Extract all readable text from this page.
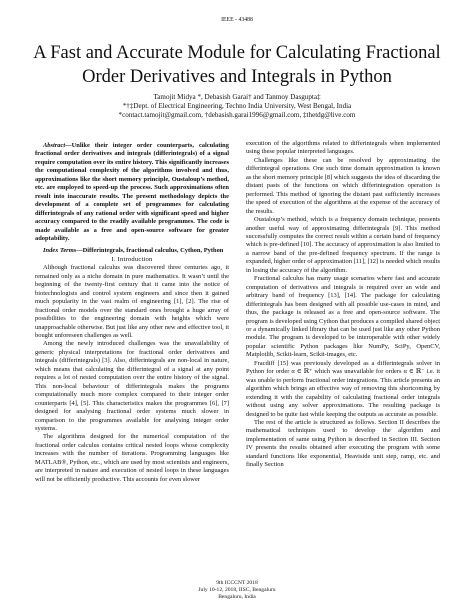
IEEE - 43488
A Fast and Accurate Module for Calculating Fractional Order Derivatives and Integrals in Python
Tamojit Midya *, Debasish Garai† and Tanmoy Dasgupta‡
*†‡Dept. of Electrical Engineering, Techno India University, West Bengal, India
*contact.tamojit@gmail.com, †debasish.garai1996@gmail.com, ‡thetdg@live.com

Abstract—Unlike their integer order counterparts, calculating fractional order derivatives and integrals (differintegrals) of a signal require computation over its entire history. This significantly increases the computational complexity of the algorithms involved and thus, approximations like the short memory principle, Oustaloup’s method, etc. are employed to speed-up the process. Such approximations often result into inaccurate results. The present methodology depicts the development of a complete set of programmes for calculating differintegrals of any rational order with significant speed and higher accuracy compared to the readily available programmes. The code is made available as a free and open-source software for greater adoptability.

Index Terms—Differintegrals, fractional calculus, Cython, Python

I. Introduction

Although fractional calculus was discovered three centuries ago, it remained only as a niche domain in pure mathematics. It wasn’t until the beginning of the twenty-first century that it came into the notice of biotechnologists and control system engineers and since then it gained much popularity in the vast realm of engineering [1], [2]. The rise of fractional order models over the standard ones brought a huge array of possibilities to the engineering domain with heights which were unapproachable otherwise. But just like any other new and effective tool, it bought unforeseen challenges as well.

Among the newly introduced challenges was the unavailability of generic physical interpretations for fractional order derivatives and integrals (differintegrals) [3]. Also, differintegrals are non-local in nature, which means that calculating the differintegral of a signal at any point requires a lot of nested computation over the entire history of the signal. This non-local behaviour of differintegrals makes the programs computationally much more complex compared to their integer order counterparts [4], [5]. This characteristics makes the programmes [6], [7] designed for analysing fractional order systems much slower in comparison to the programmes available for analysing integer order systems.

The algorithms designed for the numerical computation of the fractional order calculus contains critical nested loops whose complexity increases with the number of iterations. Programming languages like MATLAB®, Python, etc., which are used by most scientists and engineers, are interpreted in nature and execution of nested loops in these languages will not be efficiently productive. This accounts for even slower

execution of the algorithms related to differintegrals when implemented using these popular interpreted languages.

Challenges like these can be resolved by approximating the differintegral operations. One such time domain approximation is known as the short memory principle [8] which suggests the idea of discarding the distant pasts of the functions on which differintegration operation is performed. This method of ignoring the distant past sufficiently increases the speed of execution of the algorithms at the expense of the accuracy of the results.

Oustaloup’s method, which is a frequency domain technique, presents another useful way of approximating differintegrals [9]. This method successfully computes the correct result within a certain band of frequency which is pre-defined [10]. The accuracy of approximation is also limited to a narrow band of the pre-defined frequency spectrum. If the range is expanded, higher order of approximation [11], [12] is needed which results in losing the accuracy of the algorithm.

Fractional calculus has many usage scenarios where fast and accurate computation of derivatives and integrals is required over an wide and arbitrary band of frequency [13], [14]. The package for calculating differintegrals has been designed with all possible use-cases in mind, and thus, the package is released as a free and open-source software. The program is developed using Cython that produces a compiled shared object or a dynamically linked library that can be used just like any other Python module. The program is developed to be interoperable with other widely popular scientific Python packages like NumPy, SciPy, OpenCV, Matplotlib, Scikit-learn, Scikit-images, etc.

Fracdiff [15] was previously developed as a differintegrals solver in Python for order α ∈ ℝ⁺ which was unavailable for orders α ∈ ℝ⁻ i.e. it was unable to perform fractional order integrations. This article presents an algorithm which brings an effective way of removing this shortcoming by extending it with the capability of calculating fractional order integrals without using any solver approximations. The resulting package is designed to be quite fast while keeping the outputs as accurate as possible.

The rest of the article is structured as follows. Section II describes the mathematical techniques used to develop the algorithm and implementation of same using Python is described in Section III. Section IV presents the results obtained after executing the program with some standard functions like exponential, Heaviside unit step, ramp, etc. and finally Section

9th ICCCNT 2018
July 10-12, 2018, IISC, Bengaluru
Bengaluru, India
